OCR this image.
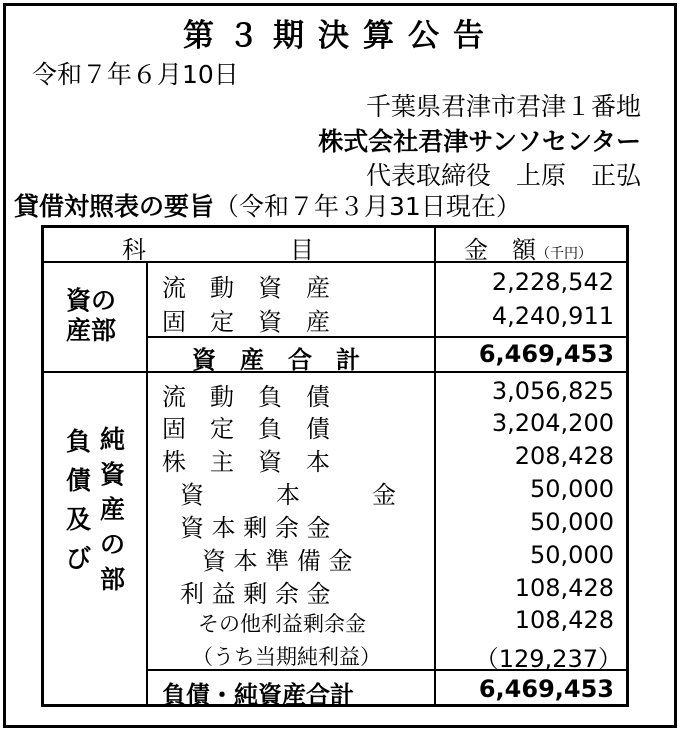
第３期決算公告
令和７年６月10日
千葉県君津市君津１番地
株式会社君津サンソセンター
代表取締役　上原　正弘
貸借対照表の要旨（令和７年３月31日現在）
科　　　　　　目	金　額（千円）
資の
産部
流　動　資　産	2,228,542
固　定　資　産	4,240,911
資　産　合　計	6,469,453
負
債
及
び
純
資
産
の
部
流　動　負　債	3,056,825
固　定　負　債	3,204,200
株　主　資　本	208,428
資　　　本　　　金	50,000
資 本 剰 余 金	50,000
資 本 準 備 金	50,000
利 益 剰 余 金	108,428
その他利益剰余金	108,428
（うち当期純利益）	（129,237）
負債・純資産合計	6,469,453
